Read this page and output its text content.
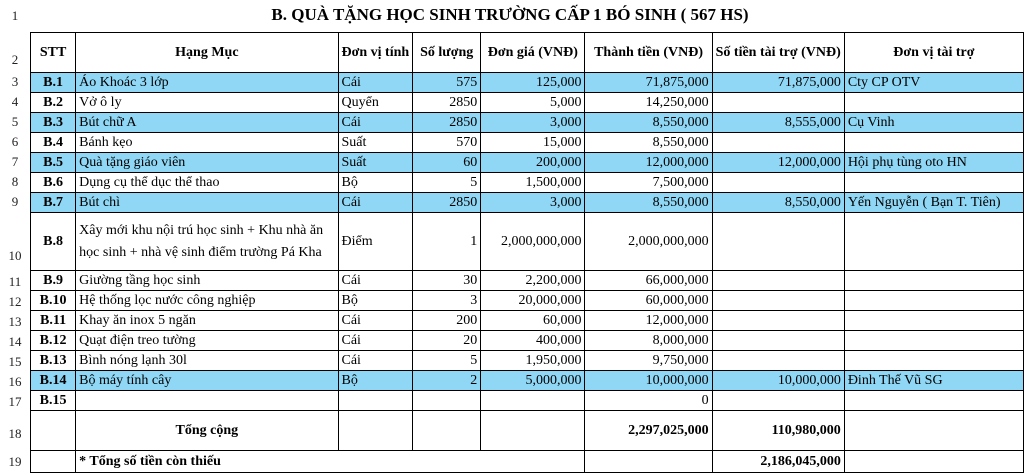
1
2
3
4
5
6
7
8
9
10
11
12
13
14
15
16
17
18
19
B. QUÀ TẶNG HỌC SINH TRƯỜNG CẤP 1 BÓ SINH ( 567 HS)
STT	Hạng Mục	Đơn vị tính	Số lượng	Đơn giá (VNĐ)	Thành tiền (VNĐ)	Số tiền tài trợ (VNĐ)	Đơn vị tài trợ
B.1	Áo Khoác 3 lớp	Cái	575	125,000	71,875,000	71,875,000	Cty CP OTV
B.2	Vở ô ly	Quyển	2850	5,000	14,250,000		
B.3	Bút chữ A	Cái	2850	3,000	8,550,000	8,555,000	Cụ Vinh
B.4	Bánh kẹo	Suất	570	15,000	8,550,000		
B.5	Quà tặng giáo viên	Suất	60	200,000	12,000,000	12,000,000	Hội phụ tùng oto HN
B.6	Dụng cụ thể dục thể thao	Bộ	5	1,500,000	7,500,000		
B.7	Bút chì	Cái	2850	3,000	8,550,000	8,550,000	Yến Nguyễn ( Bạn T. Tiên)
B.8	Xây mới khu nội trú học sinh + Khu nhà ăn học sinh + nhà vệ sinh điểm trường Pá Kha	Điểm	1	2,000,000,000	2,000,000,000		
B.9	Giường tầng học sinh	Cái	30	2,200,000	66,000,000		
B.10	Hệ thống lọc nước công nghiệp	Bộ	3	20,000,000	60,000,000		
B.11	Khay ăn inox 5 ngăn	Cái	200	60,000	12,000,000		
B.12	Quạt điện treo tường	Cái	20	400,000	8,000,000		
B.13	Bình nóng lạnh 30l	Cái	5	1,950,000	9,750,000		
B.14	Bộ máy tính cây	Bộ	2	5,000,000	10,000,000	10,000,000	Đinh Thế Vũ SG
B.15					0		
	Tổng cộng				2,297,025,000	110,980,000	
	* Tổng số tiền còn thiếu					2,186,045,000	
